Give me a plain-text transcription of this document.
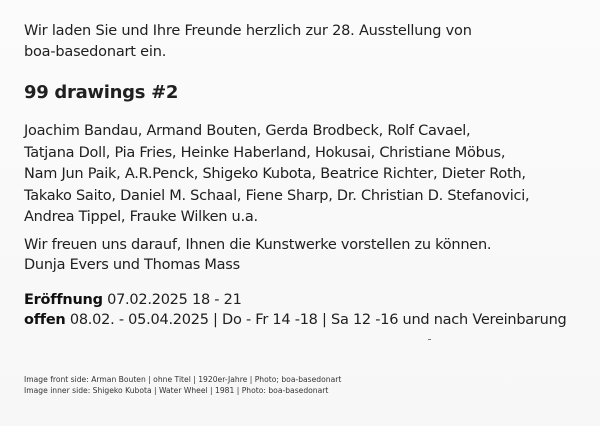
Wir laden Sie und Ihre Freunde herzlich zur 28. Ausstellung von
boa-basedonart ein.

99 drawings #2

Joachim Bandau, Armand Bouten, Gerda Brodbeck, Rolf Cavael,
Tatjana Doll, Pia Fries, Heinke Haberland, Hokusai, Christiane Möbus,
Nam Jun Paik, A.R.Penck, Shigeko Kubota, Beatrice Richter, Dieter Roth,
Takako Saito, Daniel M. Schaal, Fiene Sharp, Dr. Christian D. Stefanovici,
Andrea Tippel, Frauke Wilken u.a.

Wir freuen uns darauf, Ihnen die Kunstwerke vorstellen zu können.
Dunja Evers und Thomas Mass

Eröffnung 07.02.2025 18 - 21
offen 08.02. - 05.04.2025 | Do - Fr 14 -18 | Sa 12 -16 und nach Vereinbarung

Image front side: Arman Bouten | ohne Titel | 1920er-Jahre | Photo; boa-basedonart
Image inner side: Shigeko Kubota | Water Wheel | 1981 | Photo: boa-basedonart
